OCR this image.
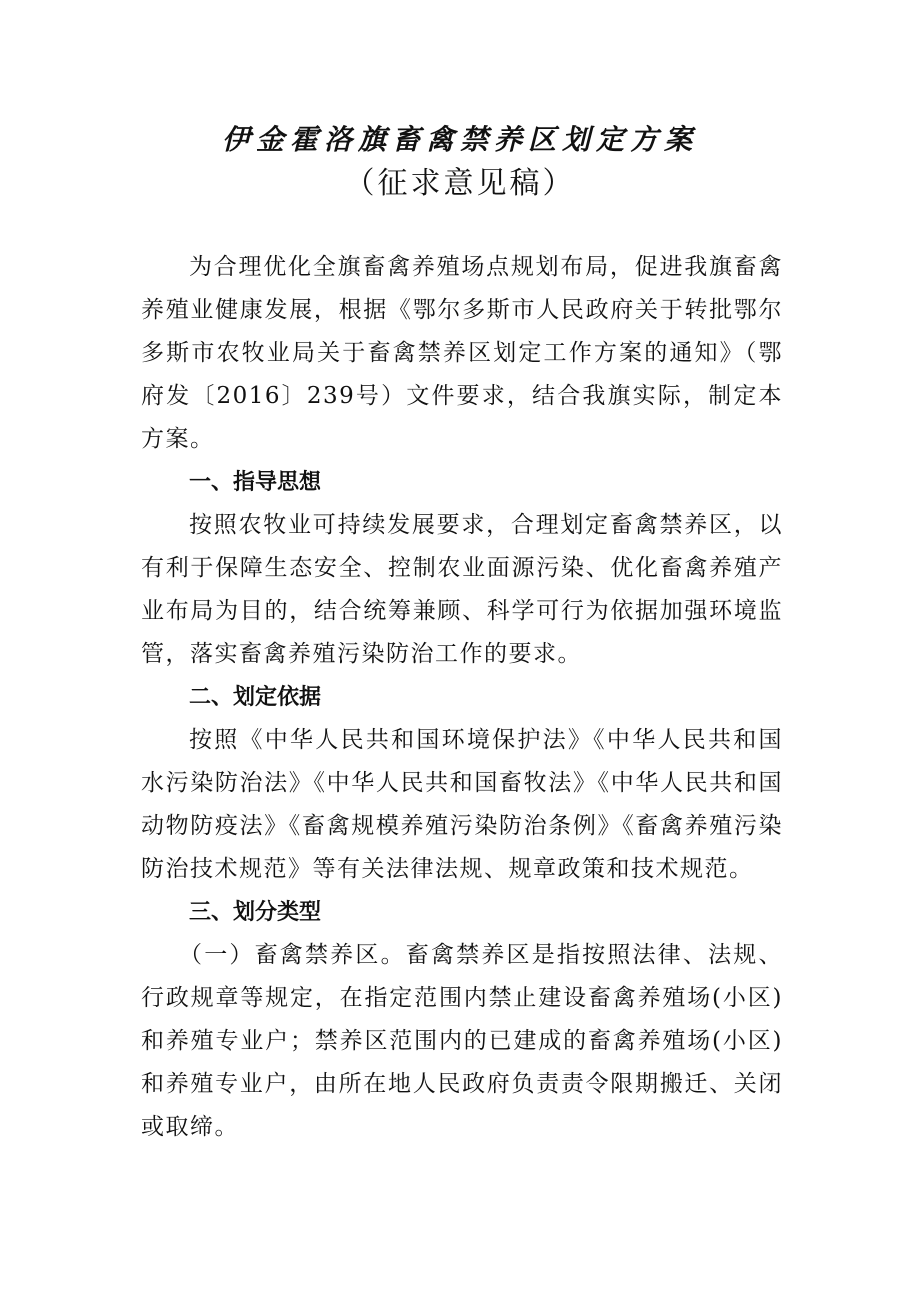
伊金霍洛旗畜禽禁养区划定方案
（征求意见稿）

为合理优化全旗畜禽养殖场点规划布局，促进我旗畜禽养殖业健康发展，根据《鄂尔多斯市人民政府关于转批鄂尔多斯市农牧业局关于畜禽禁养区划定工作方案的通知》（鄂府发〔2016〕239号）文件要求，结合我旗实际，制定本方案。

一、指导思想

按照农牧业可持续发展要求，合理划定畜禽禁养区，以有利于保障生态安全、控制农业面源污染、优化畜禽养殖产业布局为目的，结合统筹兼顾、科学可行为依据加强环境监管，落实畜禽养殖污染防治工作的要求。

二、划定依据

按照《中华人民共和国环境保护法》《中华人民共和国水污染防治法》《中华人民共和国畜牧法》《中华人民共和国动物防疫法》《畜禽规模养殖污染防治条例》《畜禽养殖污染防治技术规范》等有关法律法规、规章政策和技术规范。

三、划分类型

（一）畜禽禁养区。畜禽禁养区是指按照法律、法规、行政规章等规定，在指定范围内禁止建设畜禽养殖场(小区)和养殖专业户；禁养区范围内的已建成的畜禽养殖场(小区)和养殖专业户，由所在地人民政府负责责令限期搬迁、关闭或取缔。
